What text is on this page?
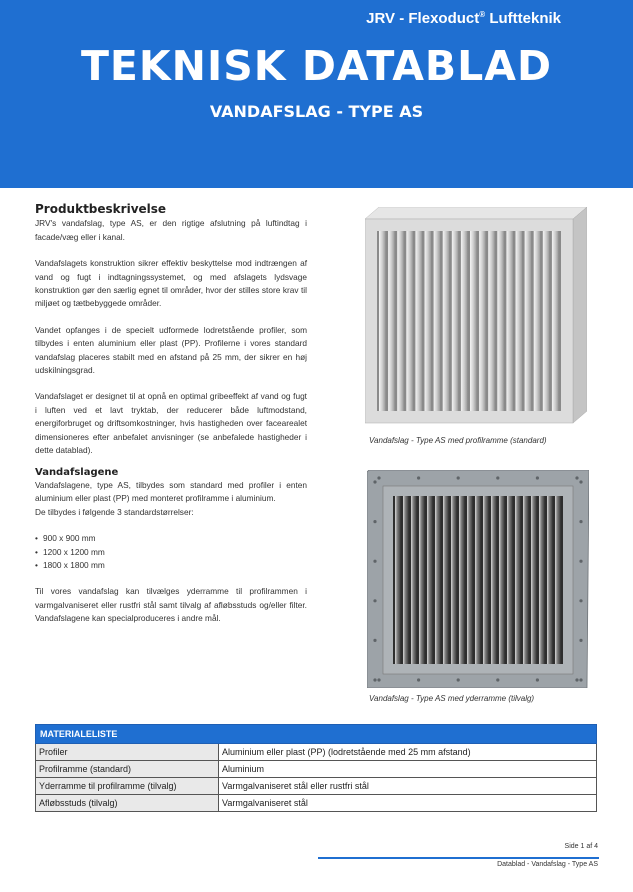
JRV - Flexoduct® Luftteknik
TEKNISK DATABLAD
VANDAFSLAG - TYPE AS
Produktbeskrivelse

JRV's vandafslag, type AS, er den rigtige afslutning på luftindtag i facade/væg eller i kanal.

Vandafslagets konstruktion sikrer effektiv beskyttelse mod indtrængen af vand og fugt i indtagningssystemet, og med afslagets lydsvage konstruktion gør den særlig egnet til områder, hvor der stilles store krav til miljøet og tætbebyggede områder.

Vandet opfanges i de specielt udformede lodretstående profiler, som tilbydes i enten aluminium eller plast (PP). Profilerne i vores standard vandafslag placeres stabilt med en afstand på 25 mm, der sikrer en høj udskilningsgrad.

Vandafslaget er designet til at opnå en optimal gribeeffekt af vand og fugt i luften ved et lavt tryktab, der reducerer både luftmodstand, energiforbruget og driftsomkostninger, hvis hastigheden over facearealet dimensioneres efter anbefalet anvisninger (se anbefalede hastigheder i dette datablad).

Vandafslagene

Vandafslagene, type AS, tilbydes som standard med profiler i enten aluminium eller plast (PP) med monteret profilramme i aluminium.

De tilbydes i følgende 3 standardstørrelser:

• 900 x 900 mm
• 1200 x 1200 mm
• 1800 x 1800 mm

Til vores vandafslag kan tilvælges yderramme til profilrammen i varmgalvaniseret eller rustfri stål samt tilvalg af afløbsstuds og/eller filter. Vandafslagene kan specialproduceres i andre mål.

Vandafslag - Type AS med profilramme (standard)
Vandafslag - Type AS med yderramme (tilvalg)
MATERIALELISTE	
Profiler	Aluminium eller plast (PP) (lodretstående med 25 mm afstand)
Profilramme (standard)	Aluminium
Yderramme til profilramme (tilvalg)	Varmgalvaniseret stål eller rustfri stål
Afløbsstuds (tilvalg)	Varmgalvaniseret stål
Side 1 af 4
Datablad - Vandafslag - Type AS
